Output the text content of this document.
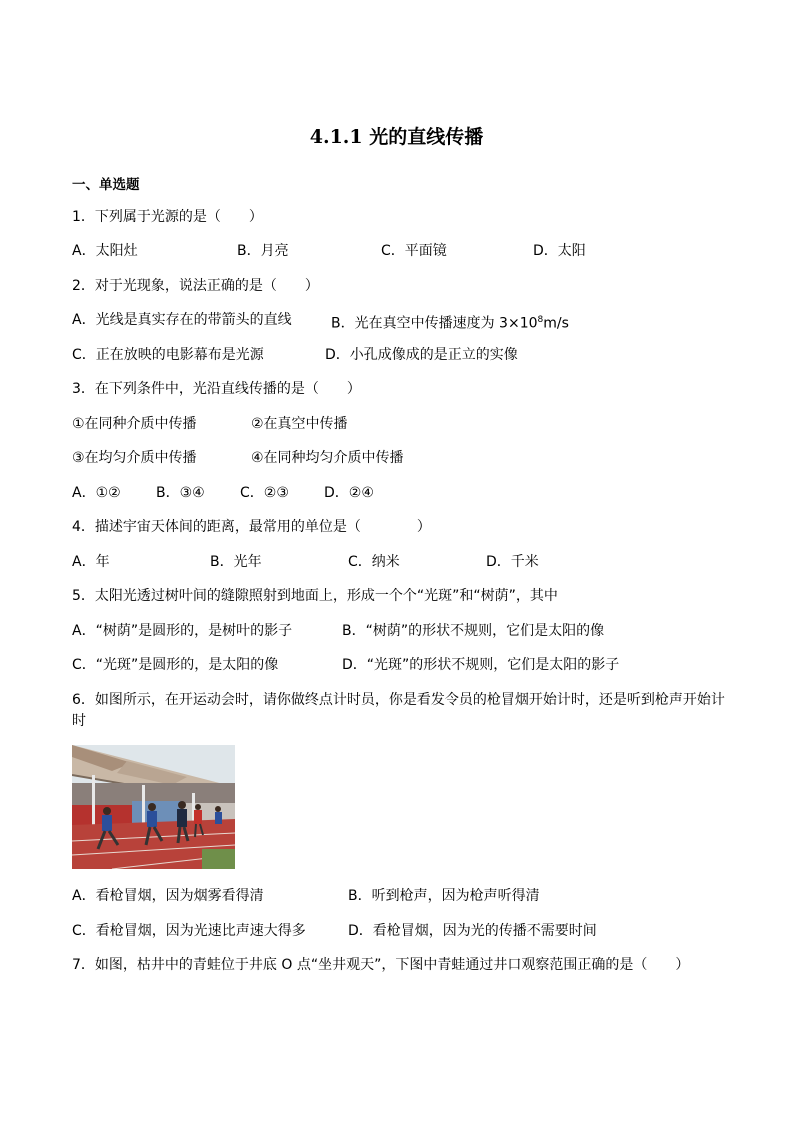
4.1.1 光的直线传播
一、单选题
1．下列属于光源的是（　　）
A．太阳灶	B．月亮	C．平面镜	D．太阳
2．对于光现象，说法正确的是（　　）
A．光线是真实存在的带箭头的直线	B．光在真空中传播速度为 $3\times 10^8m/s$
C．正在放映的电影幕布是光源	D．小孔成像成的是正立的实像
3．在下列条件中，光沿直线传播的是（　　）
①在同种介质中传播	②在真空中传播
③在均匀介质中传播	④在同种均匀介质中传播
A．①②	B．③④	C．②③	D．②④
4．描述宇宙天体间的距离，最常用的单位是（　　　　）
A．年	B．光年	C．纳米	D．千米
5．太阳光透过树叶间的缝隙照射到地面上，形成一个个“光斑”和“树荫”，其中
A．“树荫”是圆形的，是树叶的影子	B．“树荫”的形状不规则，它们是太阳的像
C．“光斑”是圆形的，是太阳的像	D．“光斑”的形状不规则，它们是太阳的影子
6．如图所示，在开运动会时，请你做终点计时员，你是看发令员的枪冒烟开始计时，还是听到枪声开始计
时
A．看枪冒烟，因为烟雾看得清	B．听到枪声，因为枪声听得清
C．看枪冒烟，因为光速比声速大得多	D．看枪冒烟，因为光的传播不需要时间
7．如图，枯井中的青蛙位于井底 O 点“坐井观天”，下图中青蛙通过井口观察范围正确的是（　　）
